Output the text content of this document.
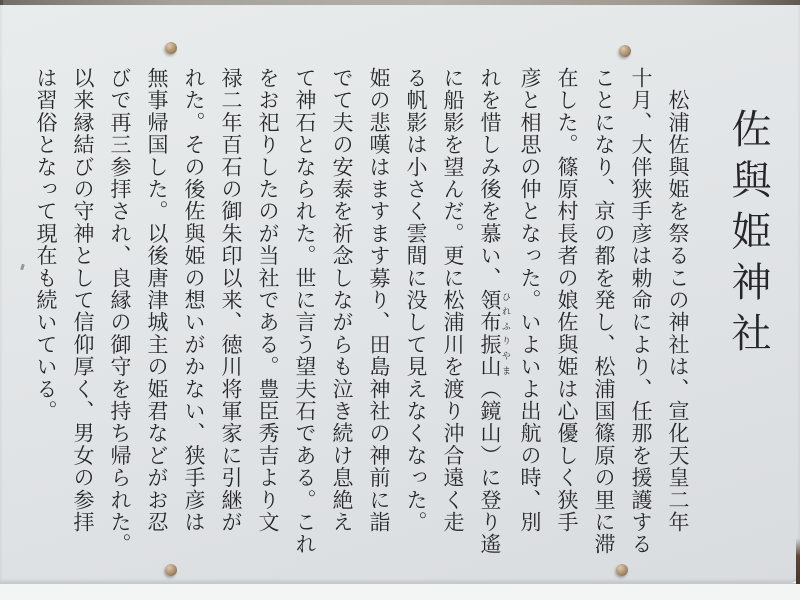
佐與姫神社
　松浦佐與姫を祭るこの神社は、宣化天皇二年
十月、大伴狭手彦は勅命により、任那を援護する
ことになり、京の都を発し、松浦国篠原の里に滞
在した。篠原村長者の娘佐與姫は心優しく狭手
彦と相思の仲となった。いよいよ出航の時、別
れを惜しみ後を慕い、領布振山 ひれふりやま（鏡山）に登り遙
に船影を望んだ。更に松浦川を渡り沖合遠く走
る帆影は小さく雲間に没して見えなくなった。
姫の悲嘆はますます募り、田島神社の神前に詣
でて夫の安泰を祈念しながらも泣き続け息絶え
て神石となられた。世に言う望夫石である。これ
をお祀りしたのが当社である。豊臣秀吉より文
禄二年百石の御朱印以来、徳川将軍家に引継が
れた。その後佐與姫の想いがかない、狭手彦は
無事帰国した。以後唐津城主の姫君などがお忍
びで再三参拝され、良縁の御守を持ち帰られた。
以来縁結びの守神として信仰厚く、男女の参拝
は習俗となって現在も続いている。
